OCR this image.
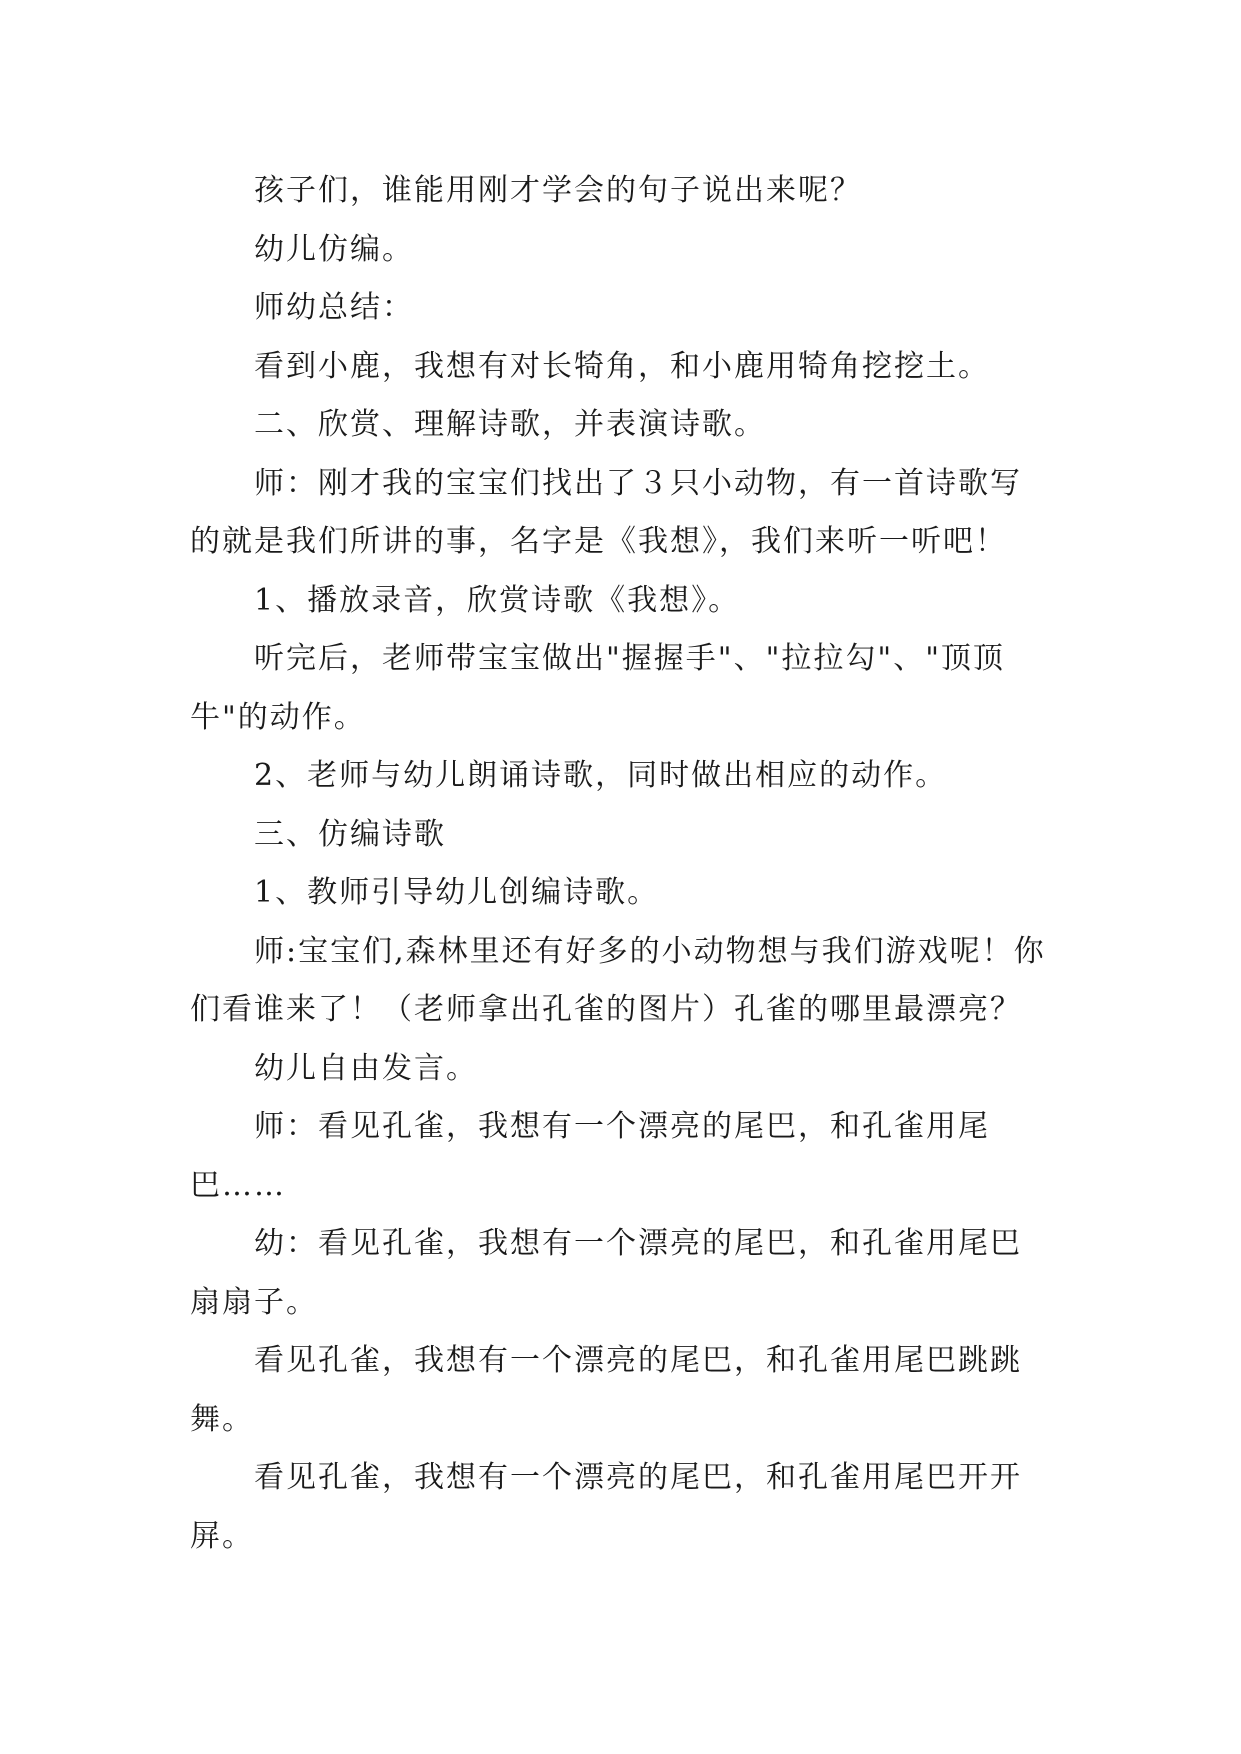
孩子们，谁能用刚才学会的句子说出来呢？

幼儿仿编。

师幼总结：

看到小鹿，我想有对长犄角，和小鹿用犄角挖挖土。

二、欣赏、理解诗歌，并表演诗歌。

师：刚才我的宝宝们找出了３只小动物，有一首诗歌写的就是我们所讲的事，名字是《我想》，我们来听一听吧！

1、播放录音，欣赏诗歌《我想》。

听完后，老师带宝宝做出"握握手"、"拉拉勾"、"顶顶牛"的动作。

2、老师与幼儿朗诵诗歌，同时做出相应的动作。

三、仿编诗歌

1、教师引导幼儿创编诗歌。

师:宝宝们,森林里还有好多的小动物想与我们游戏呢！你们看谁来了！（老师拿出孔雀的图片）孔雀的哪里最漂亮？

幼儿自由发言。

师：看见孔雀，我想有一个漂亮的尾巴，和孔雀用尾巴……

幼：看见孔雀，我想有一个漂亮的尾巴，和孔雀用尾巴扇扇子。

看见孔雀，我想有一个漂亮的尾巴，和孔雀用尾巴跳跳舞。

看见孔雀，我想有一个漂亮的尾巴，和孔雀用尾巴开开屏。
